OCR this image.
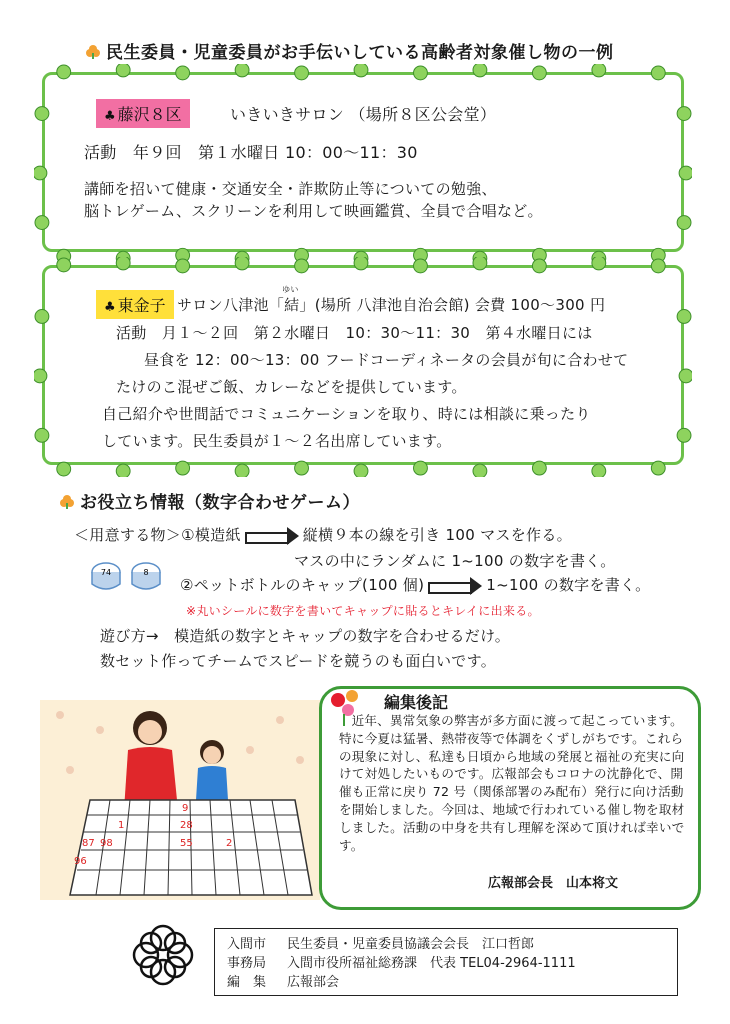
民生委員・児童委員がお手伝いしている高齢者対象催し物の一例
♣ 藤沢８区	いきいきサロン （場所８区公会堂）
活動　年９回　第１水曜日 10：00～11：30
講師を招いて健康・交通安全・詐欺防止等についての勉強、
脳トレゲーム、スクリーンを利用して映画鑑賞、全員で合唱など。
♣ 東金子 サロン八津池「
ゆい
結」(場所 八津池自治会館) 会費 100～300 円
活動　月１～２回　第２水曜日　10：30～11：30　第４水曜日には
昼食を 12：00～13：00 フードコーディネータの会員が旬に合わせて
たけのこ混ぜご飯、カレーなどを提供しています。
自己紹介や世間話でコミュニケーションを取り、時には相談に乗ったり
しています。民生委員が１～２名出席しています。
お役立ち情報（数字合わせゲーム）
＜用意する物＞①模造紙	縦横９本の線を引き 100 マスを作る。
マスの中にランダムに 1~100 の数字を書く。
74	8
②ペットボトルのキャップ(100 個)	1~100 の数字を書く。
※丸いシールに数字を書いてキャップに貼るとキレイに出来る。
遊び方→　模造紙の数字とキャップの数字を合わせるだけ。
数セット作ってチームでスピードを競うのも面白いです。
9
1	28
55	2
98
87
96
編集後記
近年、異常気象の弊害が多方面に渡って起こっています。特に今夏は猛暑、熱帯夜等で体調をくずしがちです。これらの現象に対し、私達も日頃から地域の発展と福祉の充実に向けて対処したいものです。広報部会もコロナの沈静化で、開催も正常に戻り 72 号（関係部署のみ配布）発行に向け活動を開始しました。今回は、地域で行われている催し物を取材しました。活動の中身を共有し理解を深めて頂ければ幸いです。
広報部会長　山本将文
入間市	民生委員・児童委員協議会会長　江口哲郎
事務局	入間市役所福祉総務課　代表 TEL04-2964-1111
編　集	広報部会
